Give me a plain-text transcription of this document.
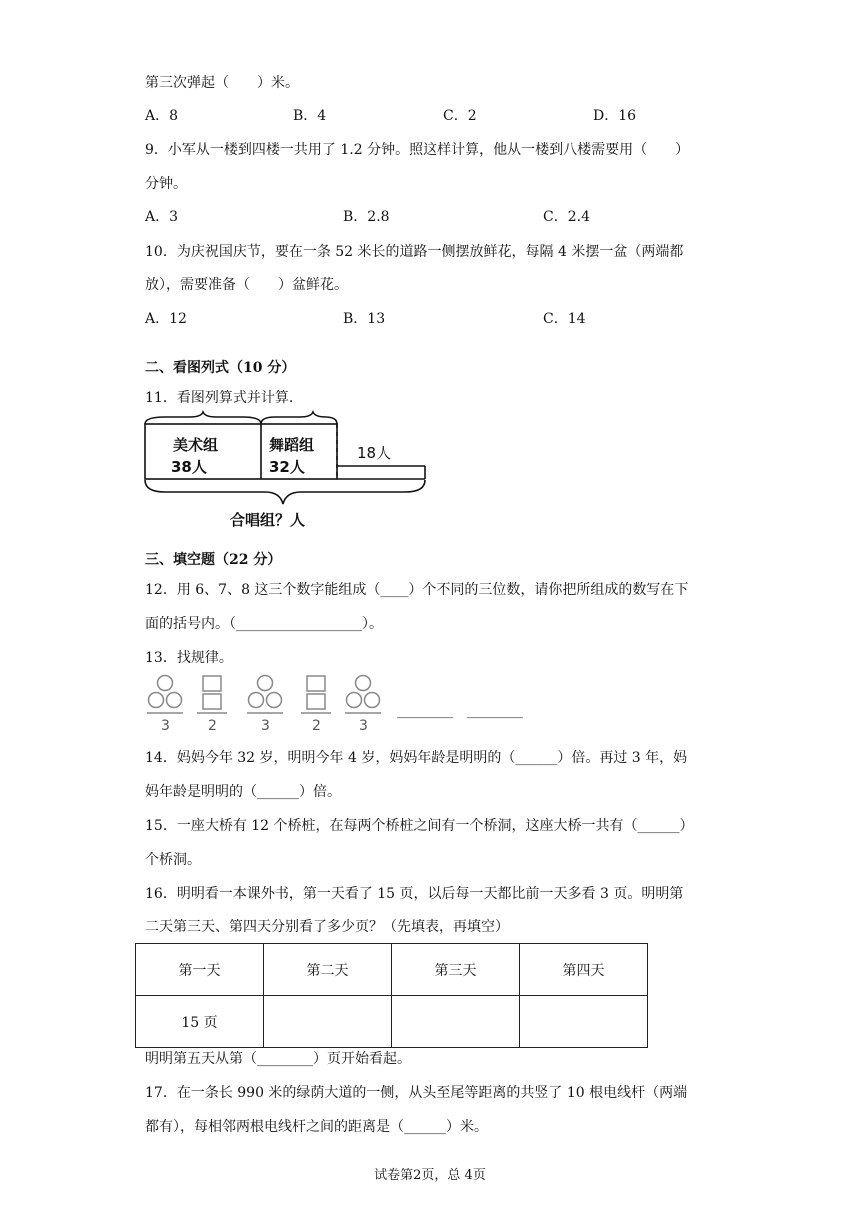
第三次弹起（　　）米。
A．8	B．4	C．2	D．16
9．小军从一楼到四楼一共用了 1.2 分钟。照这样计算，他从一楼到八楼需要用（　　）
分钟。
A．3	B．2.8	C．2.4
10．为庆祝国庆节，要在一条 52 米长的道路一侧摆放鲜花，每隔 4 米摆一盆（两端都
放），需要准备（　　）盆鲜花。
A．12	B．13	C．14
二、看图列式（10 分）
11．看图列算式并计算.
美术组
38人
舞蹈组
32人
18人
合唱组？人
三、填空题（22 分）
12．用 6、7、8 这三个数字能组成（____）个不同的三位数，请你把所组成的数写在下
面的括号内。（__________________）。
13．找规律。
3	2	3	2	3
________ ________
14．妈妈今年 32 岁，明明今年 4 岁，妈妈年龄是明明的（______）倍。再过 3 年，妈
妈年龄是明明的（______）倍。
15．一座大桥有 12 个桥桩，在每两个桥桩之间有一个桥洞，这座大桥一共有（______）
个桥洞。
16．明明看一本课外书，第一天看了 15 页，以后每一天都比前一天多看 3 页。明明第
二天第三天、第四天分别看了多少页？（先填表，再填空）
第一天	第二天	第三天	第四天
15 页			
明明第五天从第（________）页开始看起。
17．在一条长 990 米的绿荫大道的一侧，从头至尾等距离的共竖了 10 根电线杆（两端
都有），每相邻两根电线杆之间的距离是（______）米。
试卷第2页，总 4页
